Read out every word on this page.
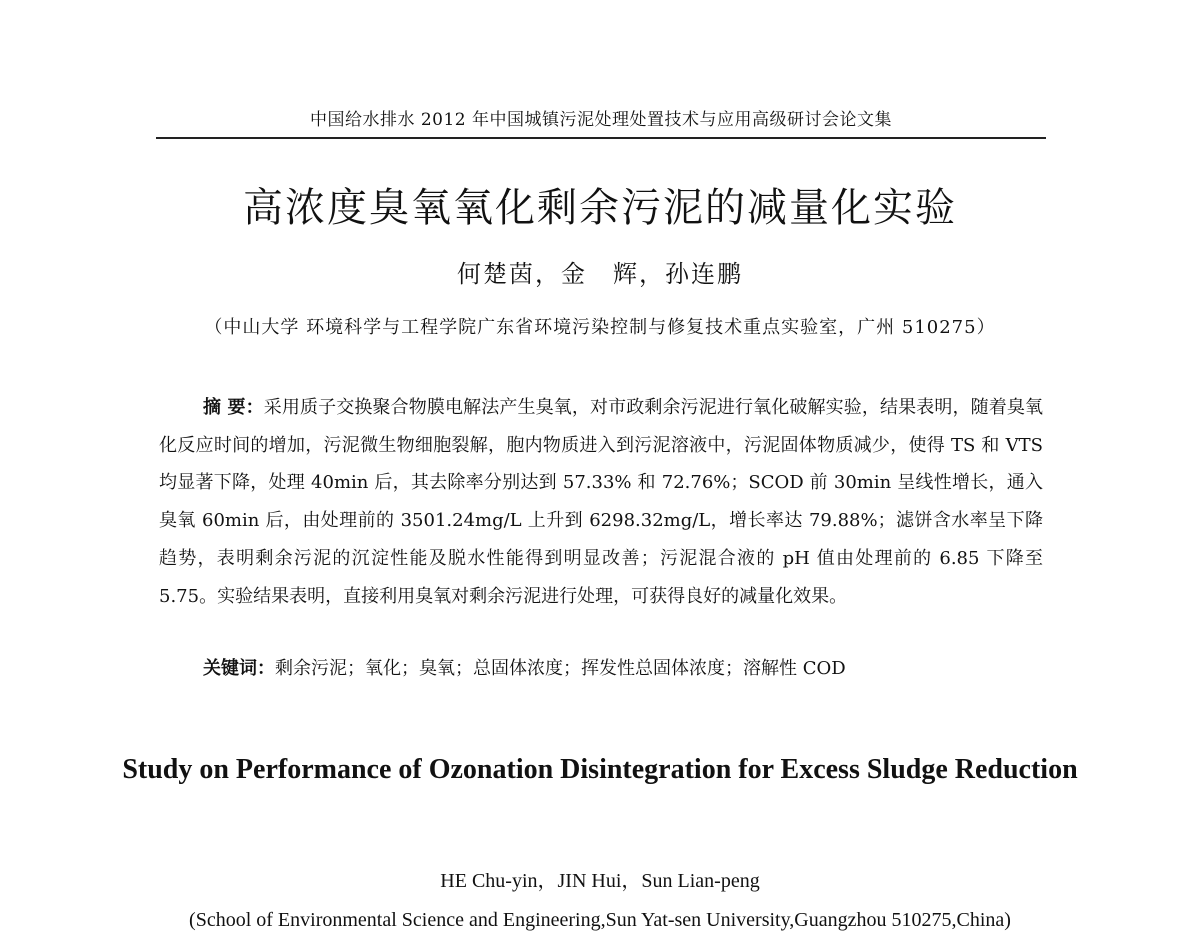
中国给水排水 2012 年中国城镇污泥处理处置技术与应用高级研讨会论文集
高浓度臭氧氧化剩余污泥的减量化实验
何楚茵，金　辉，孙连鹏
（中山大学 环境科学与工程学院广东省环境污染控制与修复技术重点实验室，广州 510275）

摘 要：采用质子交换聚合物膜电解法产生臭氧，对市政剩余污泥进行氧化破解实验，结果表明，随着臭氧化反应时间的增加，污泥微生物细胞裂解，胞内物质进入到污泥溶液中，污泥固体物质减少，使得 TS 和 VTS 均显著下降，处理 40min 后，其去除率分别达到 57.33% 和 72.76%；SCOD 前 30min 呈线性增长，通入臭氧 60min 后，由处理前的 3501.24mg/L 上升到 6298.32mg/L，增长率达 79.88%；滤饼含水率呈下降趋势，表明剩余污泥的沉淀性能及脱水性能得到明显改善；污泥混合液的 pH 值由处理前的 6.85 下降至 5.75。实验结果表明，直接利用臭氧对剩余污泥进行处理，可获得良好的减量化效果。

关键词：剩余污泥；氧化；臭氧；总固体浓度；挥发性总固体浓度；溶解性 COD

Study on Performance of Ozonation Disintegration for Excess Sludge Reduction
HE Chu-yin，JIN Hui，Sun Lian-peng

(School of Environmental Science and Engineering,Sun Yat-sen University,Guangzhou 510275,China)
